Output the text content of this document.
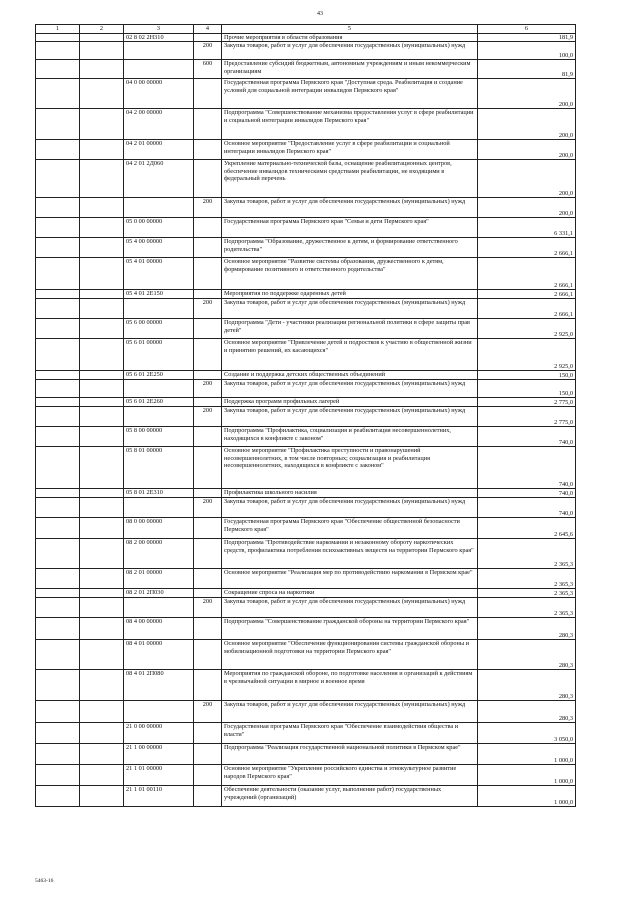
43
1	2	3	4	5	6
		02 8 02 2Н310		Прочие мероприятия в области образования	181,9
			200	Закупка товаров, работ и услуг для обеспечения государственных (муниципальных) нужд	100,0
			600	Предоставление субсидий бюджетным, автономным учреждениям и иным некоммерческим организациям	81,9
		04 0 00 00000		Государственная программа Пермского края "Доступная среда. Реабилитация и создание условий для социальной интеграции инвалидов Пермского края"	200,0
		04 2 00 00000		Подпрограмма "Совершенствование механизма предоставления услуг в сфере реабилитации и социальной интеграции инвалидов Пермского края"	200,0
		04 2 01 00000		Основное мероприятие "Предоставление услуг в сфере реабилитации и социальной интеграции инвалидов Пермского края"	200,0
		04 2 01 2Д060		Укрепление материально-технической базы, оснащение реабилитационных центров, обеспечение инвалидов техническими средствами реабилитации, не входящими в федеральный перечень	200,0
			200	Закупка товаров, работ и услуг для обеспечения государственных (муниципальных) нужд	200,0
		05 0 00 00000		Государственная программа Пермского края "Семья и дети Пермского края"	6 331,1
		05 4 00 00000		Подпрограмма "Образование, дружественное к детям, и формирование ответственного родительства"	2 666,1
		05 4 01 00000		Основное мероприятие "Развитие системы образования, дружественного к детям, формирование позитивного и ответственного родительства"	2 666,1
		05 4 01 2Е150		Мероприятия по поддержке одаренных детей	2 666,1
			200	Закупка товаров, работ и услуг для обеспечения государственных (муниципальных) нужд	2 666,1
		05 6 00 00000		Подпрограмма "Дети - участники реализации региональной политики в сфере защиты прав детей"	2 925,0
		05 6 01 00000		Основное мероприятие "Привлечение детей и подростков к участию в общественной жизни и принятию решений, их касающихся"	2 925,0
		05 6 01 2Е250		Создание и поддержка детских общественных объединений	150,0
			200	Закупка товаров, работ и услуг для обеспечения государственных (муниципальных) нужд	150,0
		05 6 01 2Е260		Поддержка программ профильных лагерей	2 775,0
			200	Закупка товаров, работ и услуг для обеспечения государственных (муниципальных) нужд	2 775,0
		05 8 00 00000		Подпрограмма "Профилактика, социализация и реабилитация несовершеннолетних, находящихся в конфликте с законом"	740,0
		05 8 01 00000		Основное мероприятие "Профилактика преступности и правонарушений несовершеннолетних, в том числе повторных; социализация и реабилитация несовершеннолетних, находящихся в конфликте с законом"	740,0
		05 8 01 2Е310		Профилактика школьного насилия	740,0
			200	Закупка товаров, работ и услуг для обеспечения государственных (муниципальных) нужд	740,0
		08 0 00 00000		Государственная программа Пермского края "Обеспечение общественной безопасности Пермского края"	2 645,6
		08 2 00 00000		Подпрограмма "Противодействие наркомании и незаконному обороту наркотических средств, профилактика потребления психоактивных веществ на территории Пермского края"	2 365,3
		08 2 01 00000		Основное мероприятие "Реализация мер по противодействию наркомании в Пермском крае"	2 365,3
		08 2 01 2П030		Сокращение спроса на наркотики	2 365,3
			200	Закупка товаров, работ и услуг для обеспечения государственных (муниципальных) нужд	2 365,3
		08 4 00 00000		Подпрограмма "Совершенствование гражданской обороны на территории Пермского края"	280,3
		08 4 01 00000		Основное мероприятие "Обеспечение функционирования системы гражданской обороны и мобилизационной подготовки на территории Пермского края"	280,3
		08 4 01 2П080		Мероприятия по гражданской обороне, по подготовке населения и организаций к действиям в чрезвычайной ситуации в мирное и военное время	280,3
			200	Закупка товаров, работ и услуг для обеспечения государственных (муниципальных) нужд	280,3
		21 0 00 00000		Государственная программа Пермского края "Обеспечение взаимодействия общества и власти"	3 050,0
		21 1 00 00000		Подпрограмма "Реализация государственной национальной политики в Пермском крае"	1 000,0
		21 1 01 00000		Основное мероприятие "Укрепление российского единства и этнокультурное развитие народов Пермского края"	1 000,0
		21 1 01 00110		Обеспечение деятельности (оказание услуг, выполнение работ) государственных учреждений (организаций)	1 000,0
5463-16
